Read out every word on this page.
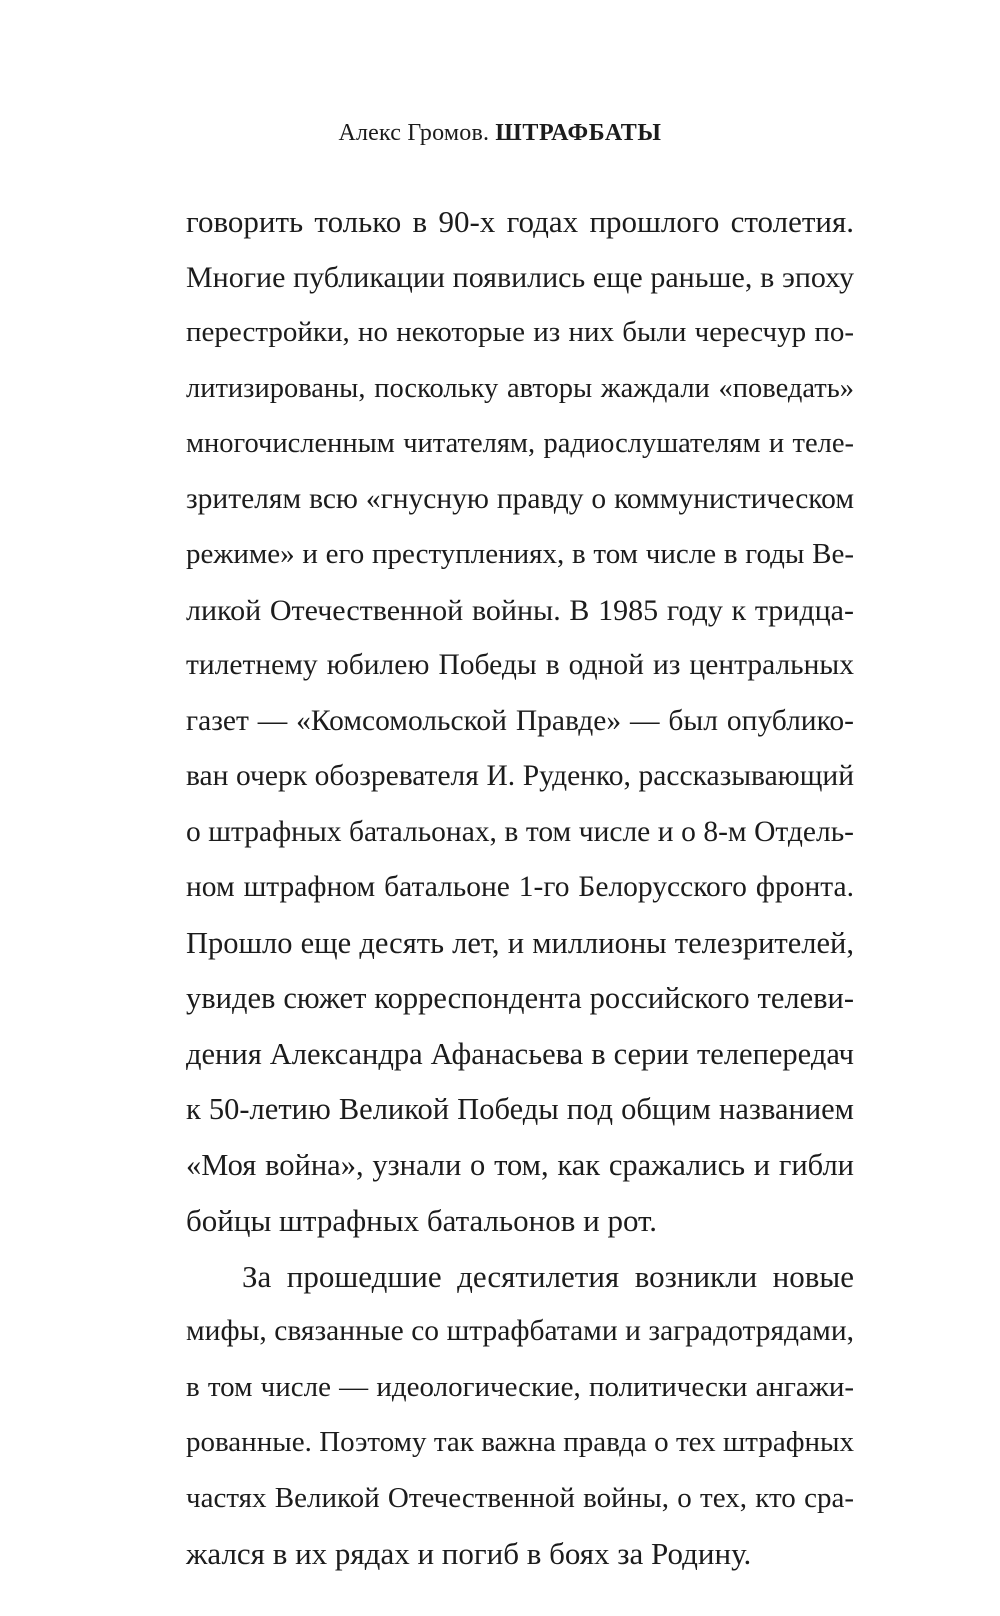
Алекс Громов. ШТРАФБАТЫ
говорить только в 90-х годах прошлого столетия.
Многие публикации появились еще раньше, в эпоху
перестройки, но некоторые из них были чересчур по-
литизированы, поскольку авторы жаждали «поведать»
многочисленным читателям, радиослушателям и теле-
зрителям всю «гнусную правду о коммунистическом
режиме» и его преступлениях, в том числе в годы Ве-
ликой Отечественной войны. В 1985 году к тридца-
тилетнему юбилею Победы в одной из центральных
газет — «Комсомольской Правде» — был опублико-
ван очерк обозревателя И. Руденко, рассказывающий
о штрафных батальонах, в том числе и о 8-м Отдель-
ном штрафном батальоне 1-го Белорусского фронта.
Прошло еще десять лет, и миллионы телезрителей,
увидев сюжет корреспондента российского телеви-
дения Александра Афанасьева в серии телепередач
к 50-летию Великой Победы под общим названием
«Моя война», узнали о том, как сражались и гибли
бойцы штрафных батальонов и рот.
За прошедшие десятилетия возникли новые
мифы, связанные со штрафбатами и заградотрядами,
в том числе — идеологические, политически ангажи-
рованные. Поэтому так важна правда о тех штрафных
частях Великой Отечественной войны, о тех, кто сра-
жался в их рядах и погиб в боях за Родину.
